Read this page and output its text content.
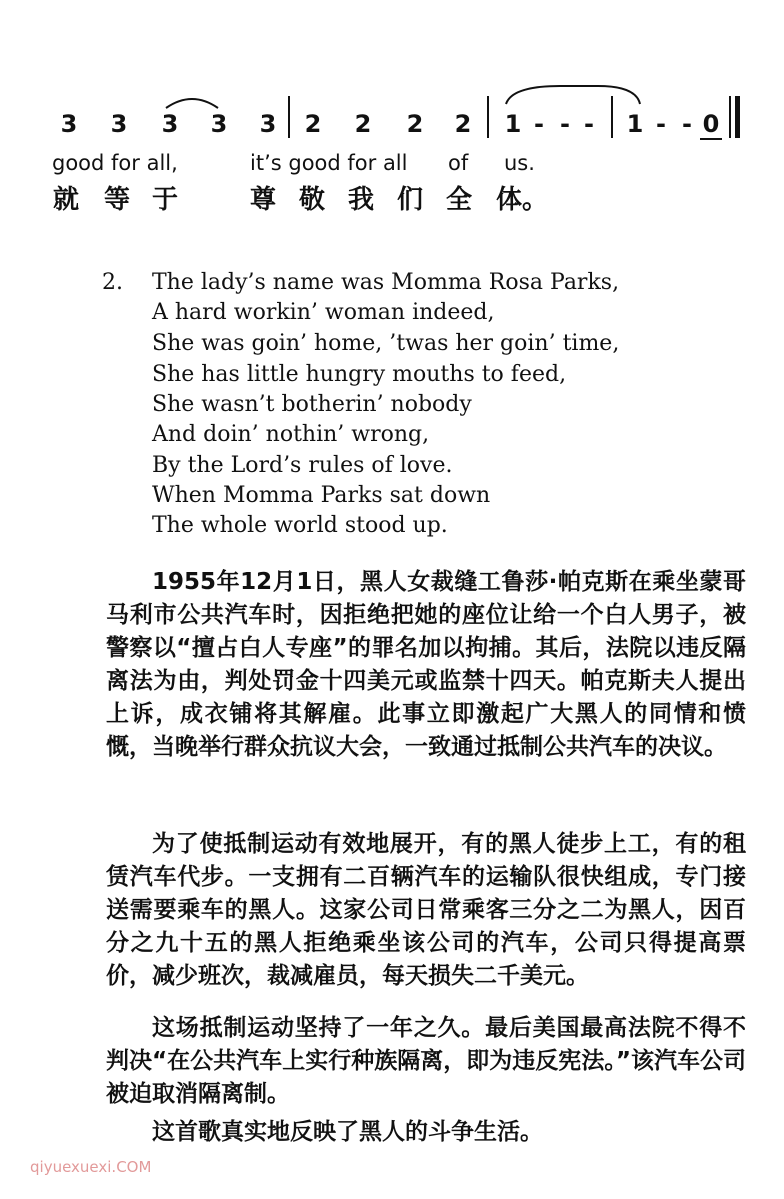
3 3 3 3 3 2 2 2 2 1 - - -	1 - - 0
good for all,	it’s good for all of us.
就 等 于	尊 敬 我 们 全 体。
2. The lady’s name was Momma Rosa Parks,
A hard workin’ woman indeed,
She was goin’ home, ’twas her goin’ time,
She has little hungry mouths to feed,
She wasn’t botherin’ nobody
And doin’ nothin’ wrong,
By the Lord’s rules of love.
When Momma Parks sat down
The whole world stood up.

1955年12月1日，黑人女裁缝工鲁莎·帕克斯在乘坐蒙哥马利市公共汽车时，因拒绝把她的座位让给一个白人男子，被警察以“擅占白人专座”的罪名加以拘捕。其后，法院以违反隔离法为由，判处罚金十四美元或监禁十四天。帕克斯夫人提出上诉，成衣铺将其解雇。此事立即激起广大黑人的同情和愤慨，当晚举行群众抗议大会，一致通过抵制公共汽车的决议。

为了使抵制运动有效地展开，有的黑人徒步上工，有的租赁汽车代步。一支拥有二百辆汽车的运输队很快组成，专门接送需要乘车的黑人。这家公司日常乘客三分之二为黑人，因百分之九十五的黑人拒绝乘坐该公司的汽车，公司只得提高票价，减少班次，裁减雇员，每天损失二千美元。

这场抵制运动坚持了一年之久。最后美国最高法院不得不判决“在公共汽车上实行种族隔离，即为违反宪法。”该汽车公司被迫取消隔离制。

这首歌真实地反映了黑人的斗争生活。

qiyuexuexi.COM
